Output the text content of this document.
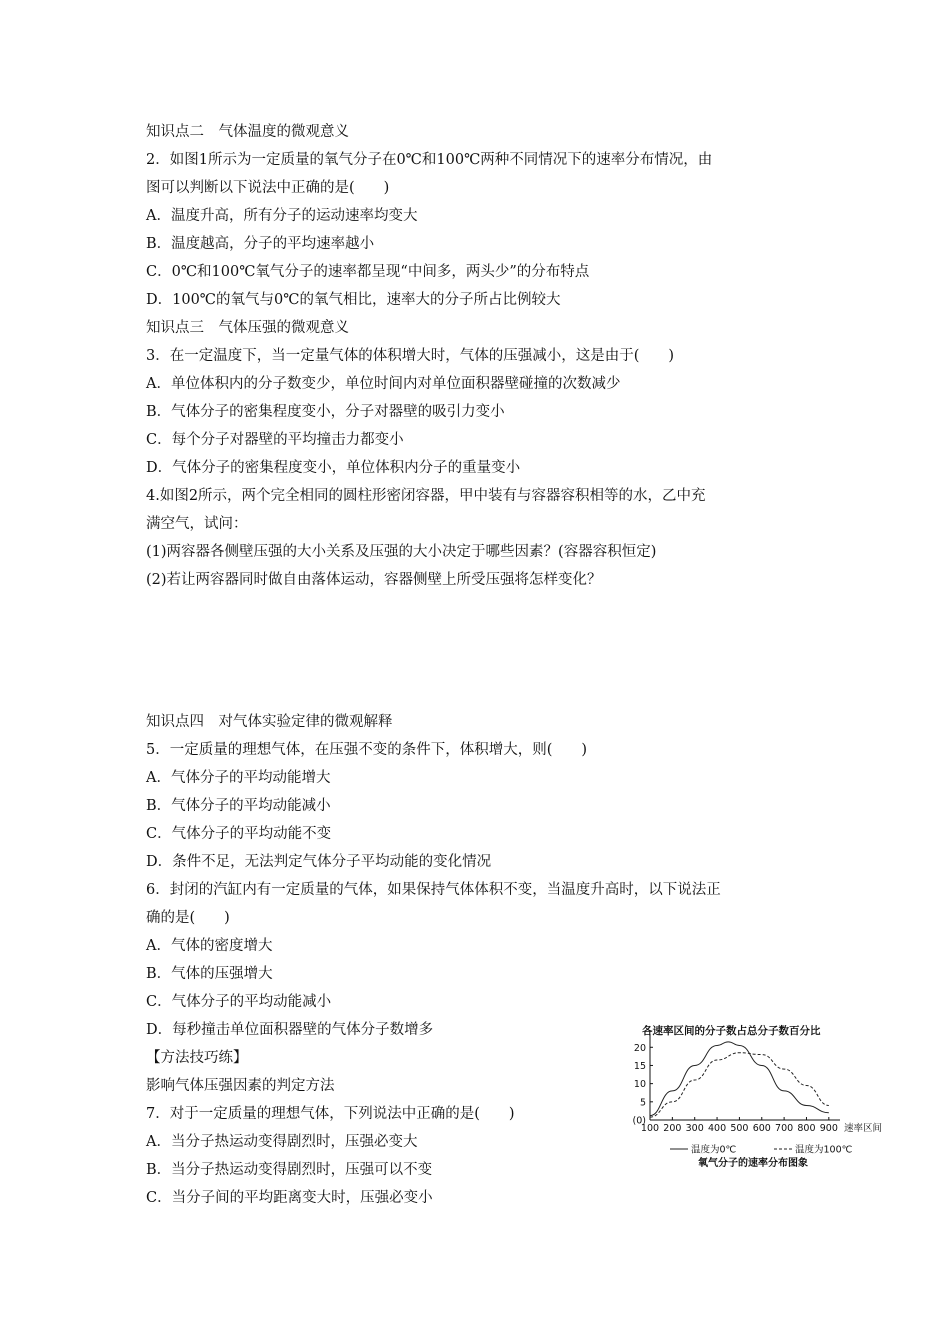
知识点二　气体温度的微观意义
2．如图1所示为一定质量的氧气分子在0℃和100℃两种不同情况下的速率分布情况，由
图可以判断以下说法中正确的是(　　)
A．温度升高，所有分子的运动速率均变大
B．温度越高，分子的平均速率越小
C．0℃和100℃氧气分子的速率都呈现“中间多，两头少”的分布特点
D．100℃的氧气与0℃的氧气相比，速率大的分子所占比例较大
知识点三　气体压强的微观意义
3．在一定温度下，当一定量气体的体积增大时，气体的压强减小，这是由于(　　)
A．单位体积内的分子数变少，单位时间内对单位面积器壁碰撞的次数减少
B．气体分子的密集程度变小，分子对器壁的吸引力变小
C．每个分子对器壁的平均撞击力都变小
D．气体分子的密集程度变小，单位体积内分子的重量变小
4.如图2所示，两个完全相同的圆柱形密闭容器，甲中装有与容器容积相等的水，乙中充
满空气，试问：
(1)两容器各侧壁压强的大小关系及压强的大小决定于哪些因素？(容器容积恒定)
(2)若让两容器同时做自由落体运动，容器侧壁上所受压强将怎样变化？
知识点四　对气体实验定律的微观解释
5．一定质量的理想气体，在压强不变的条件下，体积增大，则(　　)
A．气体分子的平均动能增大
B．气体分子的平均动能减小
C．气体分子的平均动能不变
D．条件不足，无法判定气体分子平均动能的变化情况
6．封闭的汽缸内有一定质量的气体，如果保持气体体积不变，当温度升高时，以下说法正
确的是(　　)
A．气体的密度增大
B．气体的压强增大
C．气体分子的平均动能减小
D．每秒撞击单位面积器壁的气体分子数增多
【方法技巧练】
影响气体压强因素的判定方法
7．对于一定质量的理想气体，下列说法中正确的是(　　)
A．当分子热运动变得剧烈时，压强必变大
B．当分子热运动变得剧烈时，压强可以不变
C．当分子间的平均距离变大时，压强必变小
各速率区间的分子数占总分子数百分比
(0)
5
10
15
20
100 200 300 400 500 600 700 800 900 速率区间
温度为0℃	温度为100℃
氧气分子的速率分布图象
